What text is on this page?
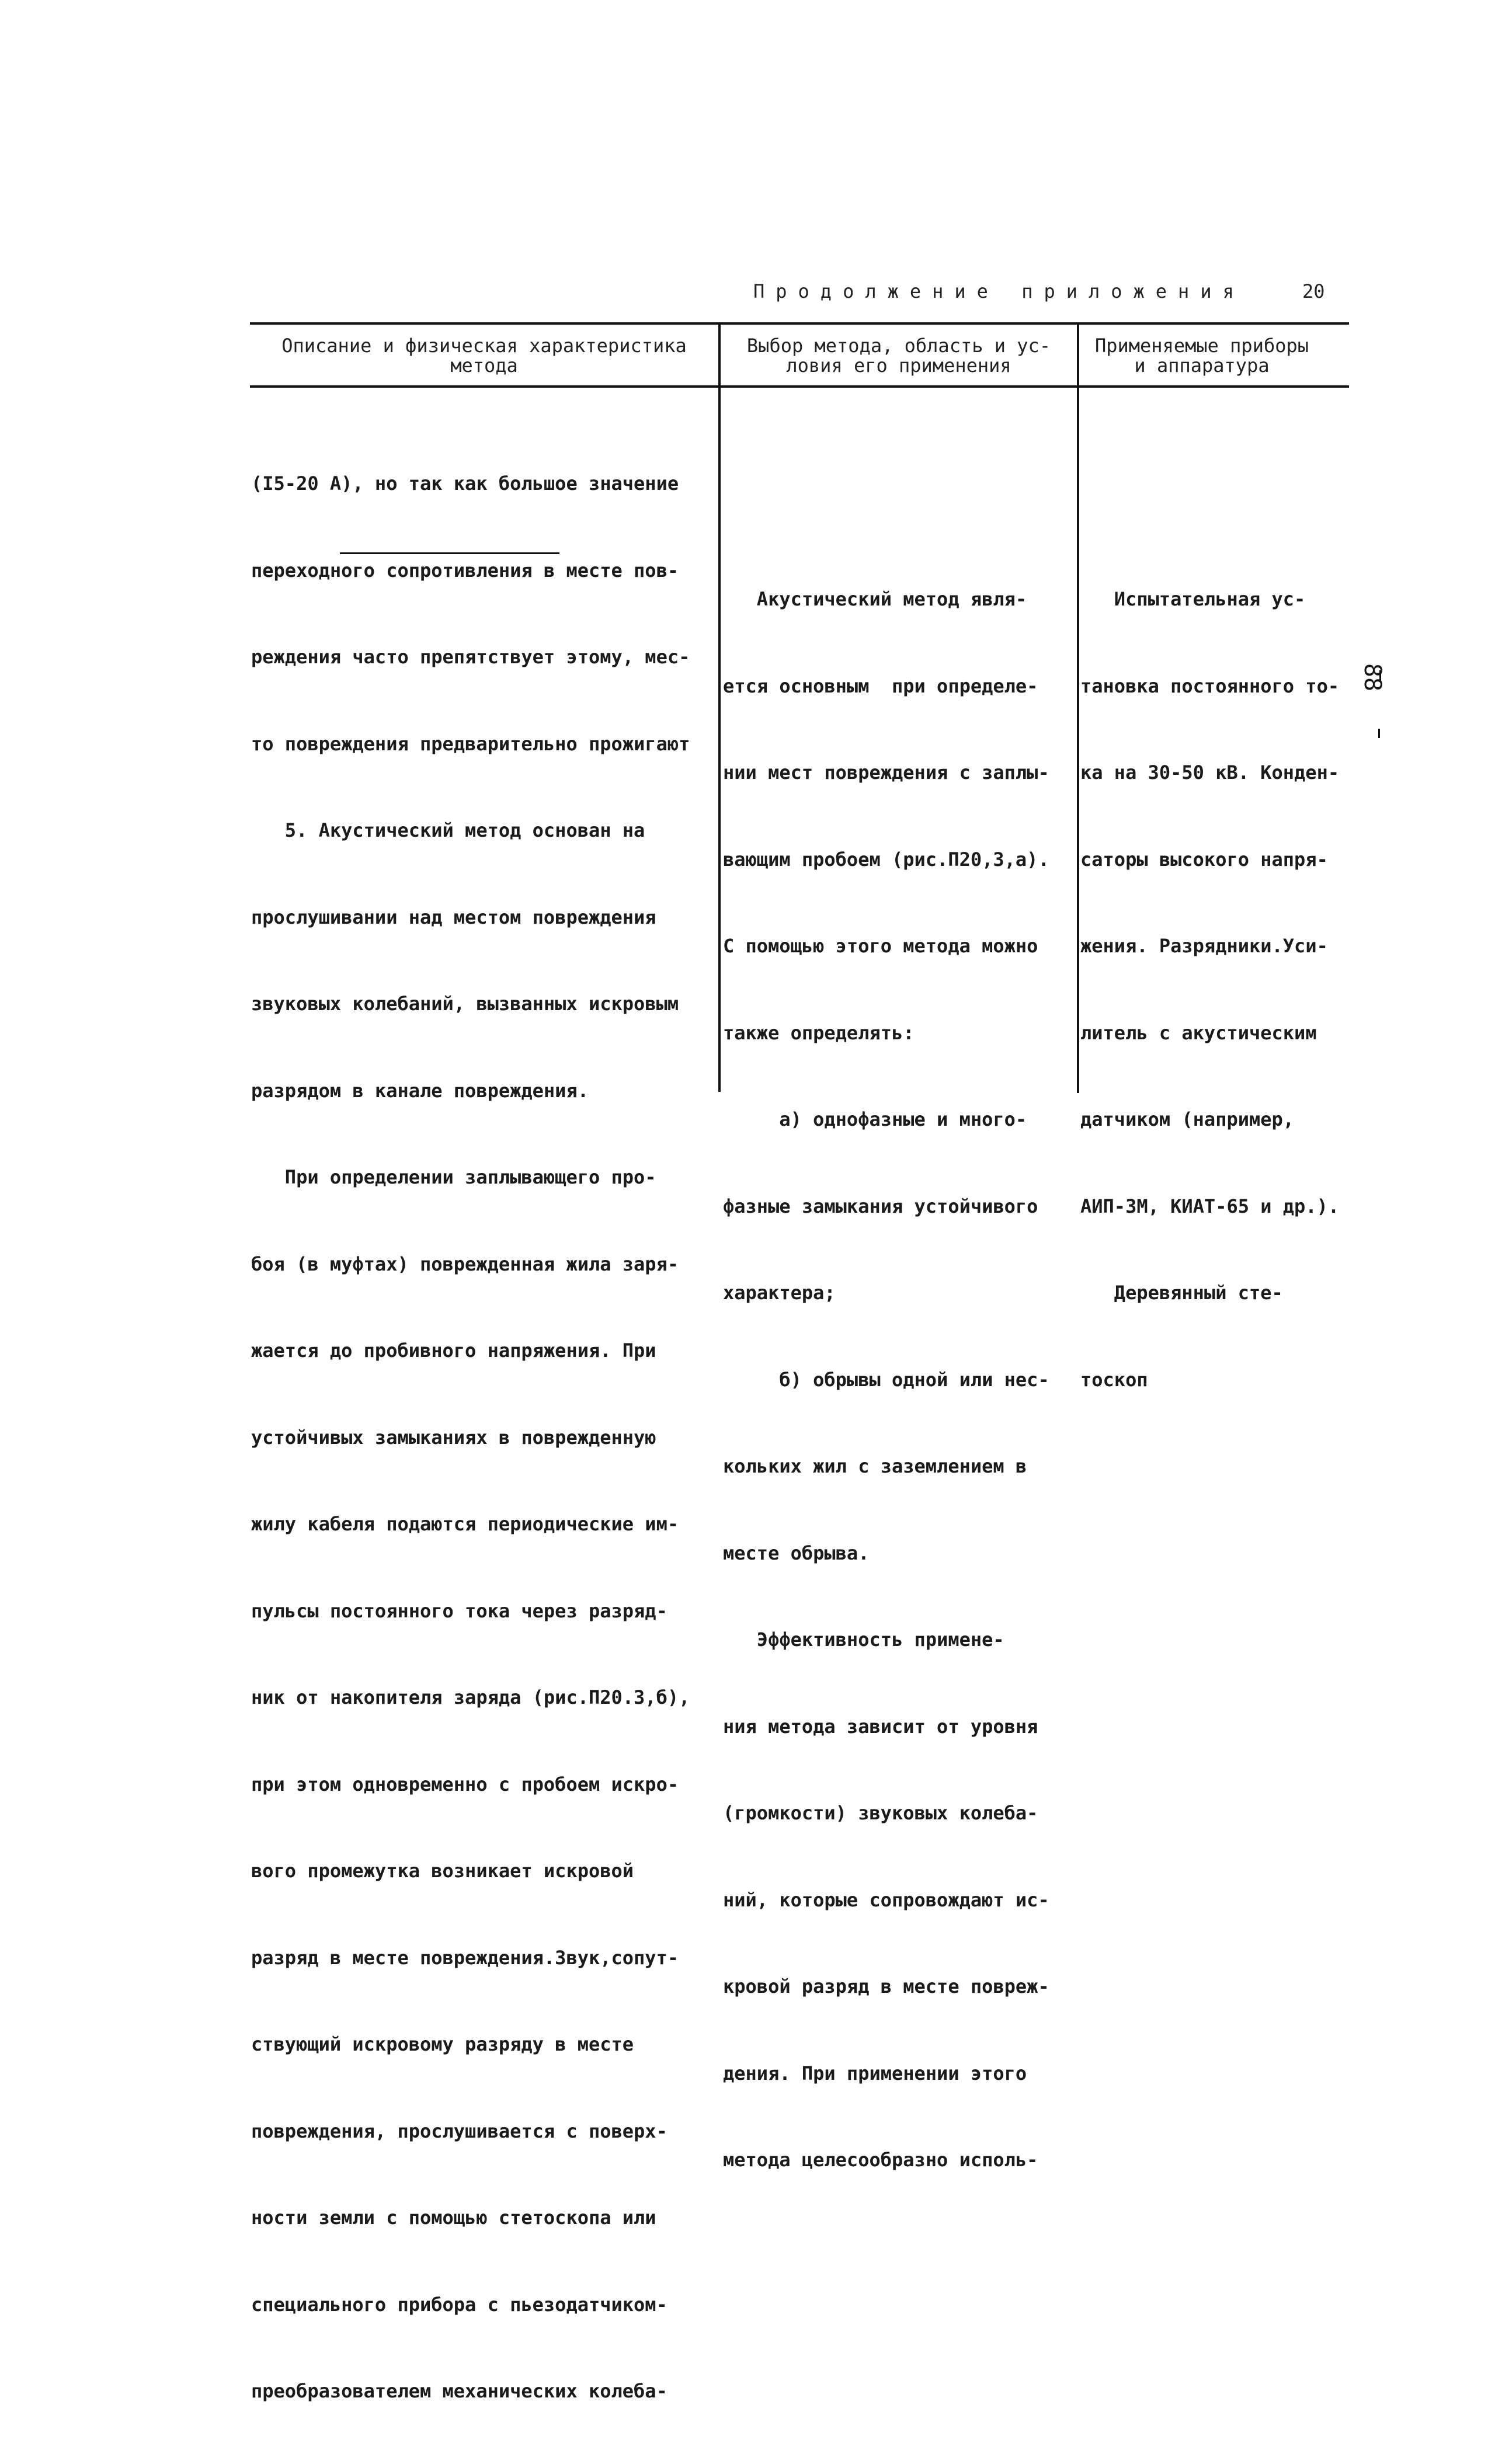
Продолжение приложения	20
Описание и физическая характеристика
метода
Выбор метода, область и ус-
ловия его применения
Применяемые приборы
и аппаратура

(I5-20 А), но так как большое значение

переходного сопротивления в месте пов-

реждения часто препятствует этому, мес-

то повреждения предварительно прожигают

5. Акустический метод основан на

прослушивании над местом повреждения

звуковых колебаний, вызванных искровым

разрядом в канале повреждения.

При определении заплывающего про-

боя (в муфтах) поврежденная жила заря-

жается до пробивного напряжения. При

устойчивых замыканиях в поврежденную

жилу кабеля подаются периодические им-

пульсы постоянного тока через разряд-

ник от накопителя заряда (рис.П20.3,б),

при этом одновременно с пробоем искро-

вого промежутка возникает искровой

разряд в месте повреждения.Звук,сопут-

ствующий искровому разряду в месте

повреждения, прослушивается с поверх-

ности земли с помощью стетоскопа или

специального прибора с пьезодатчиком-

преобразователем механических колеба-

Акустический метод явля-

ется основным  при определе-

нии мест повреждения с заплы-

вающим пробоем (рис.П20,3,а).

С помощью этого метода можно

также определять:

а) однофазные и много-

фазные замыкания устойчивого

характера;

б) обрывы одной или нес-

кольких жил с заземлением в

месте обрыва.

Эффективность примене-

ния метода зависит от уровня

(громкости) звуковых колеба-

ний, которые сопровождают ис-

кровой разряд в месте повреж-

дения. При применении этого

метода целесообразно исполь-

Испытательная ус-

тановка постоянного то-

ка на 30-50 кВ. Конден-

саторы высокого напря-

жения. Разрядники.Уси-

литель с акустическим

датчиком (например,

АИП-3М, КИАТ-65 и др.).

Деревянный сте-

тоскоп

88
